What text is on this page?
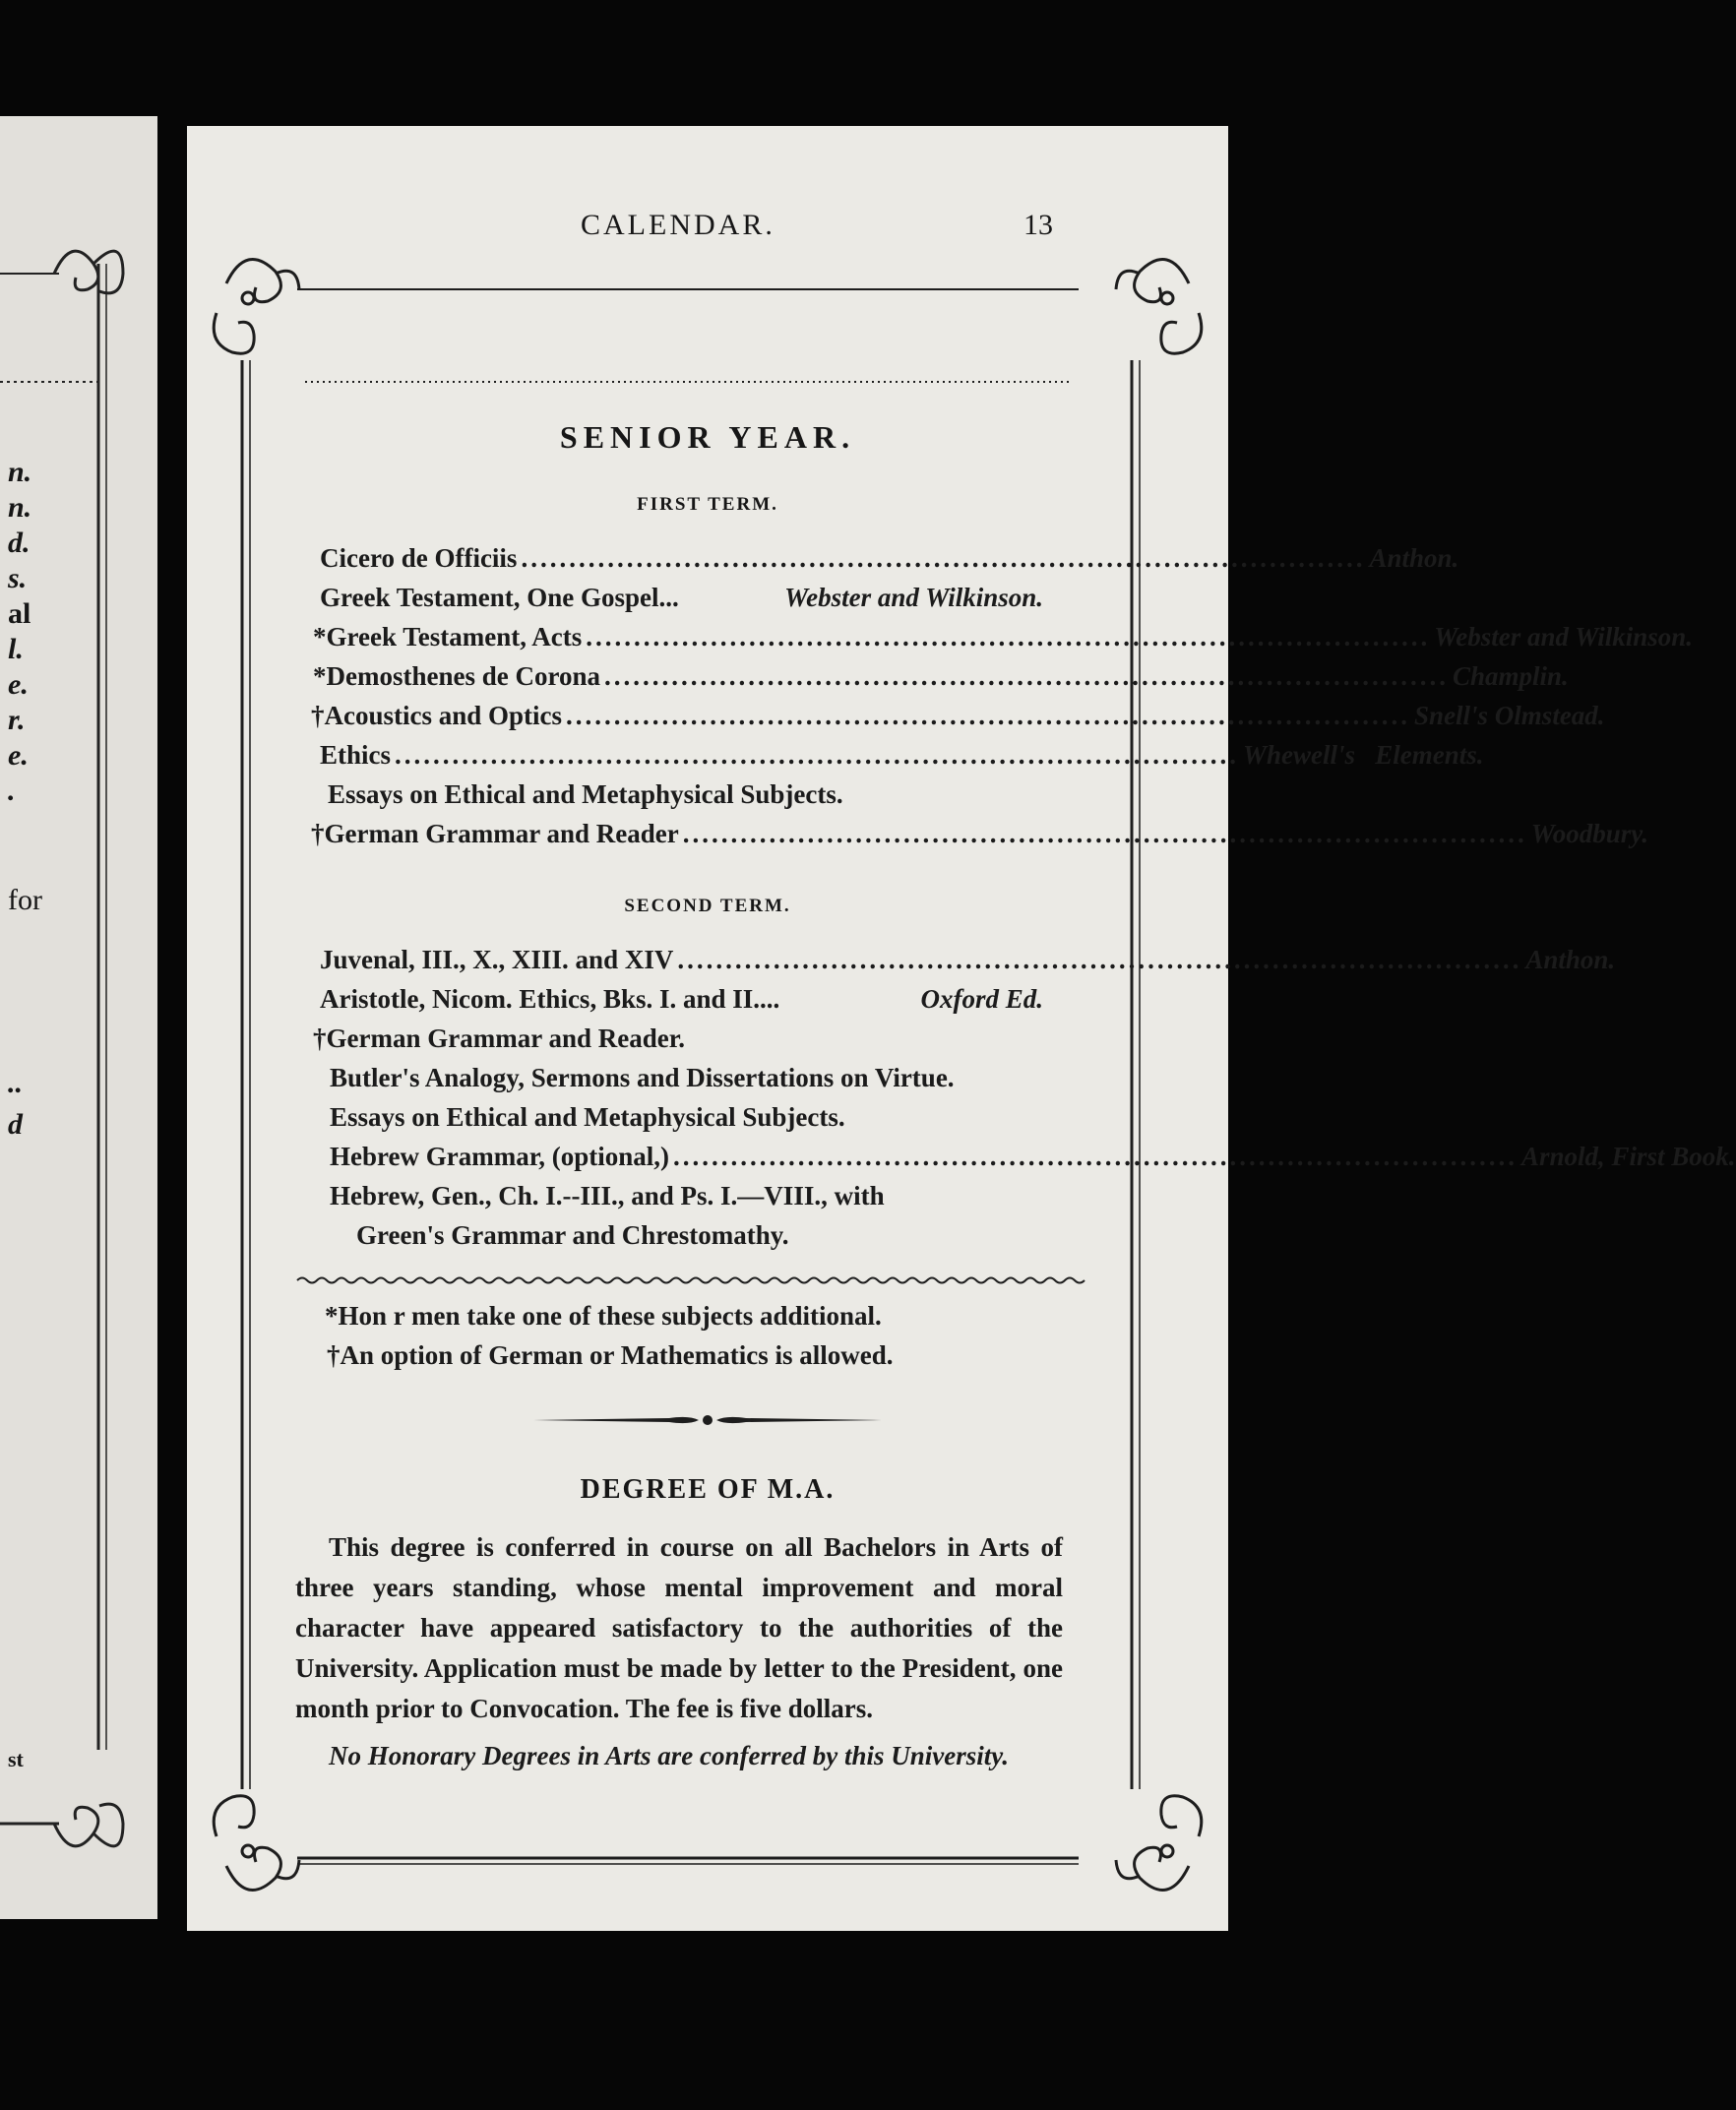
n.
n.
d.
s.
al
l.
e.
r.
e.
.
for
..
d
st
CALENDAR.	13
SENIOR YEAR.
FIRST TERM.
Cicero de Officiis ........................................................................................ Anthon.
Greek Testament, One Gospel...	Webster and Wilkinson.
*Greek Testament, Acts ........................................................................................ Webster and Wilkinson.
*Demosthenes de Corona ........................................................................................ Champlin.
†Acoustics and Optics ........................................................................................ Snell's Olmstead.
Ethics ........................................................................................ Whewell's   Elements.
Essays on Ethical and Metaphysical Subjects.
†German Grammar and Reader ........................................................................................ Woodbury.
SECOND TERM.
Juvenal, III., X., XIII. and XIV ........................................................................................ Anthon.
Aristotle, Nicom. Ethics, Bks. I. and II....	Oxford Ed.
†German Grammar and Reader.
Butler's Analogy, Sermons and Dissertations on Virtue.
Essays on Ethical and Metaphysical Subjects.
Hebrew Grammar, (optional,) ........................................................................................ Arnold, First Book.
Hebrew, Gen., Ch. I.--III., and Ps. I.—VIII., with
Green's Grammar and Chrestomathy.
*Hon r men take one of these subjects additional.
†An option of German or Mathematics is allowed.
DEGREE OF M.A.
This degree is conferred in course on all Bachelors in Arts of three years standing, whose mental improvement and moral character have appeared satisfactory to the authorities of the University. Application must be made by letter to the President, one month prior to Convocation. The fee is five dollars.
No Honorary Degrees in Arts are conferred by this University.
